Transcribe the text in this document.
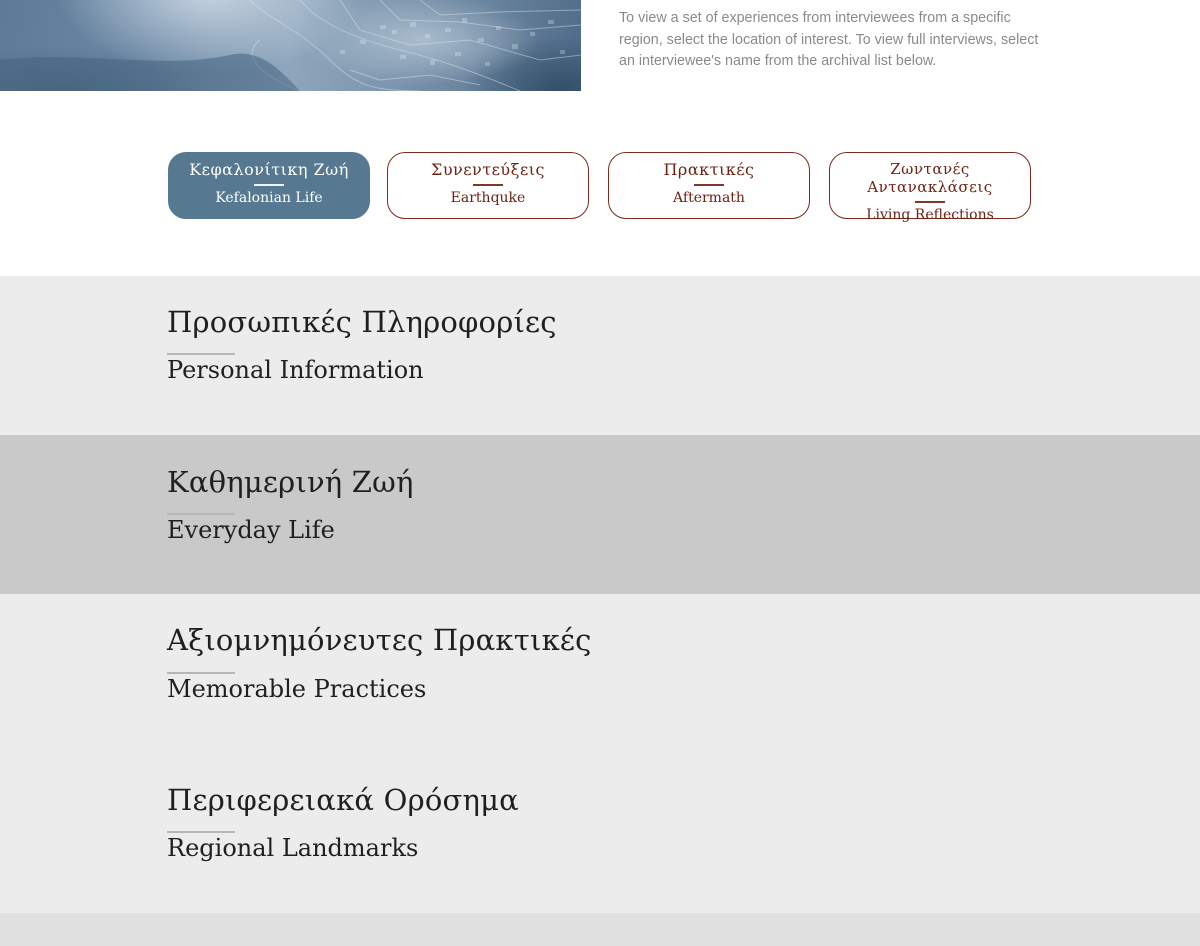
To view a set of experiences from interviewees from a specific region, select the location of interest. To view full interviews, select an interviewee's name from the archival list below.

Κεφαλονίτικη Ζωή
Kefalonian Life
Συνεντεύξεις
Earthquke
Πρακτικές
Aftermath
Ζωντανές Αντανακλάσεις
Living Reflections
Προσωπικές Πληροφορίες
Personal Information
Καθημερινή Ζωή
Everyday Life
Αξιομνημόνευτες Πρακτικές
Memorable Practices
Περιφερειακά Ορόσημα
Regional Landmarks
